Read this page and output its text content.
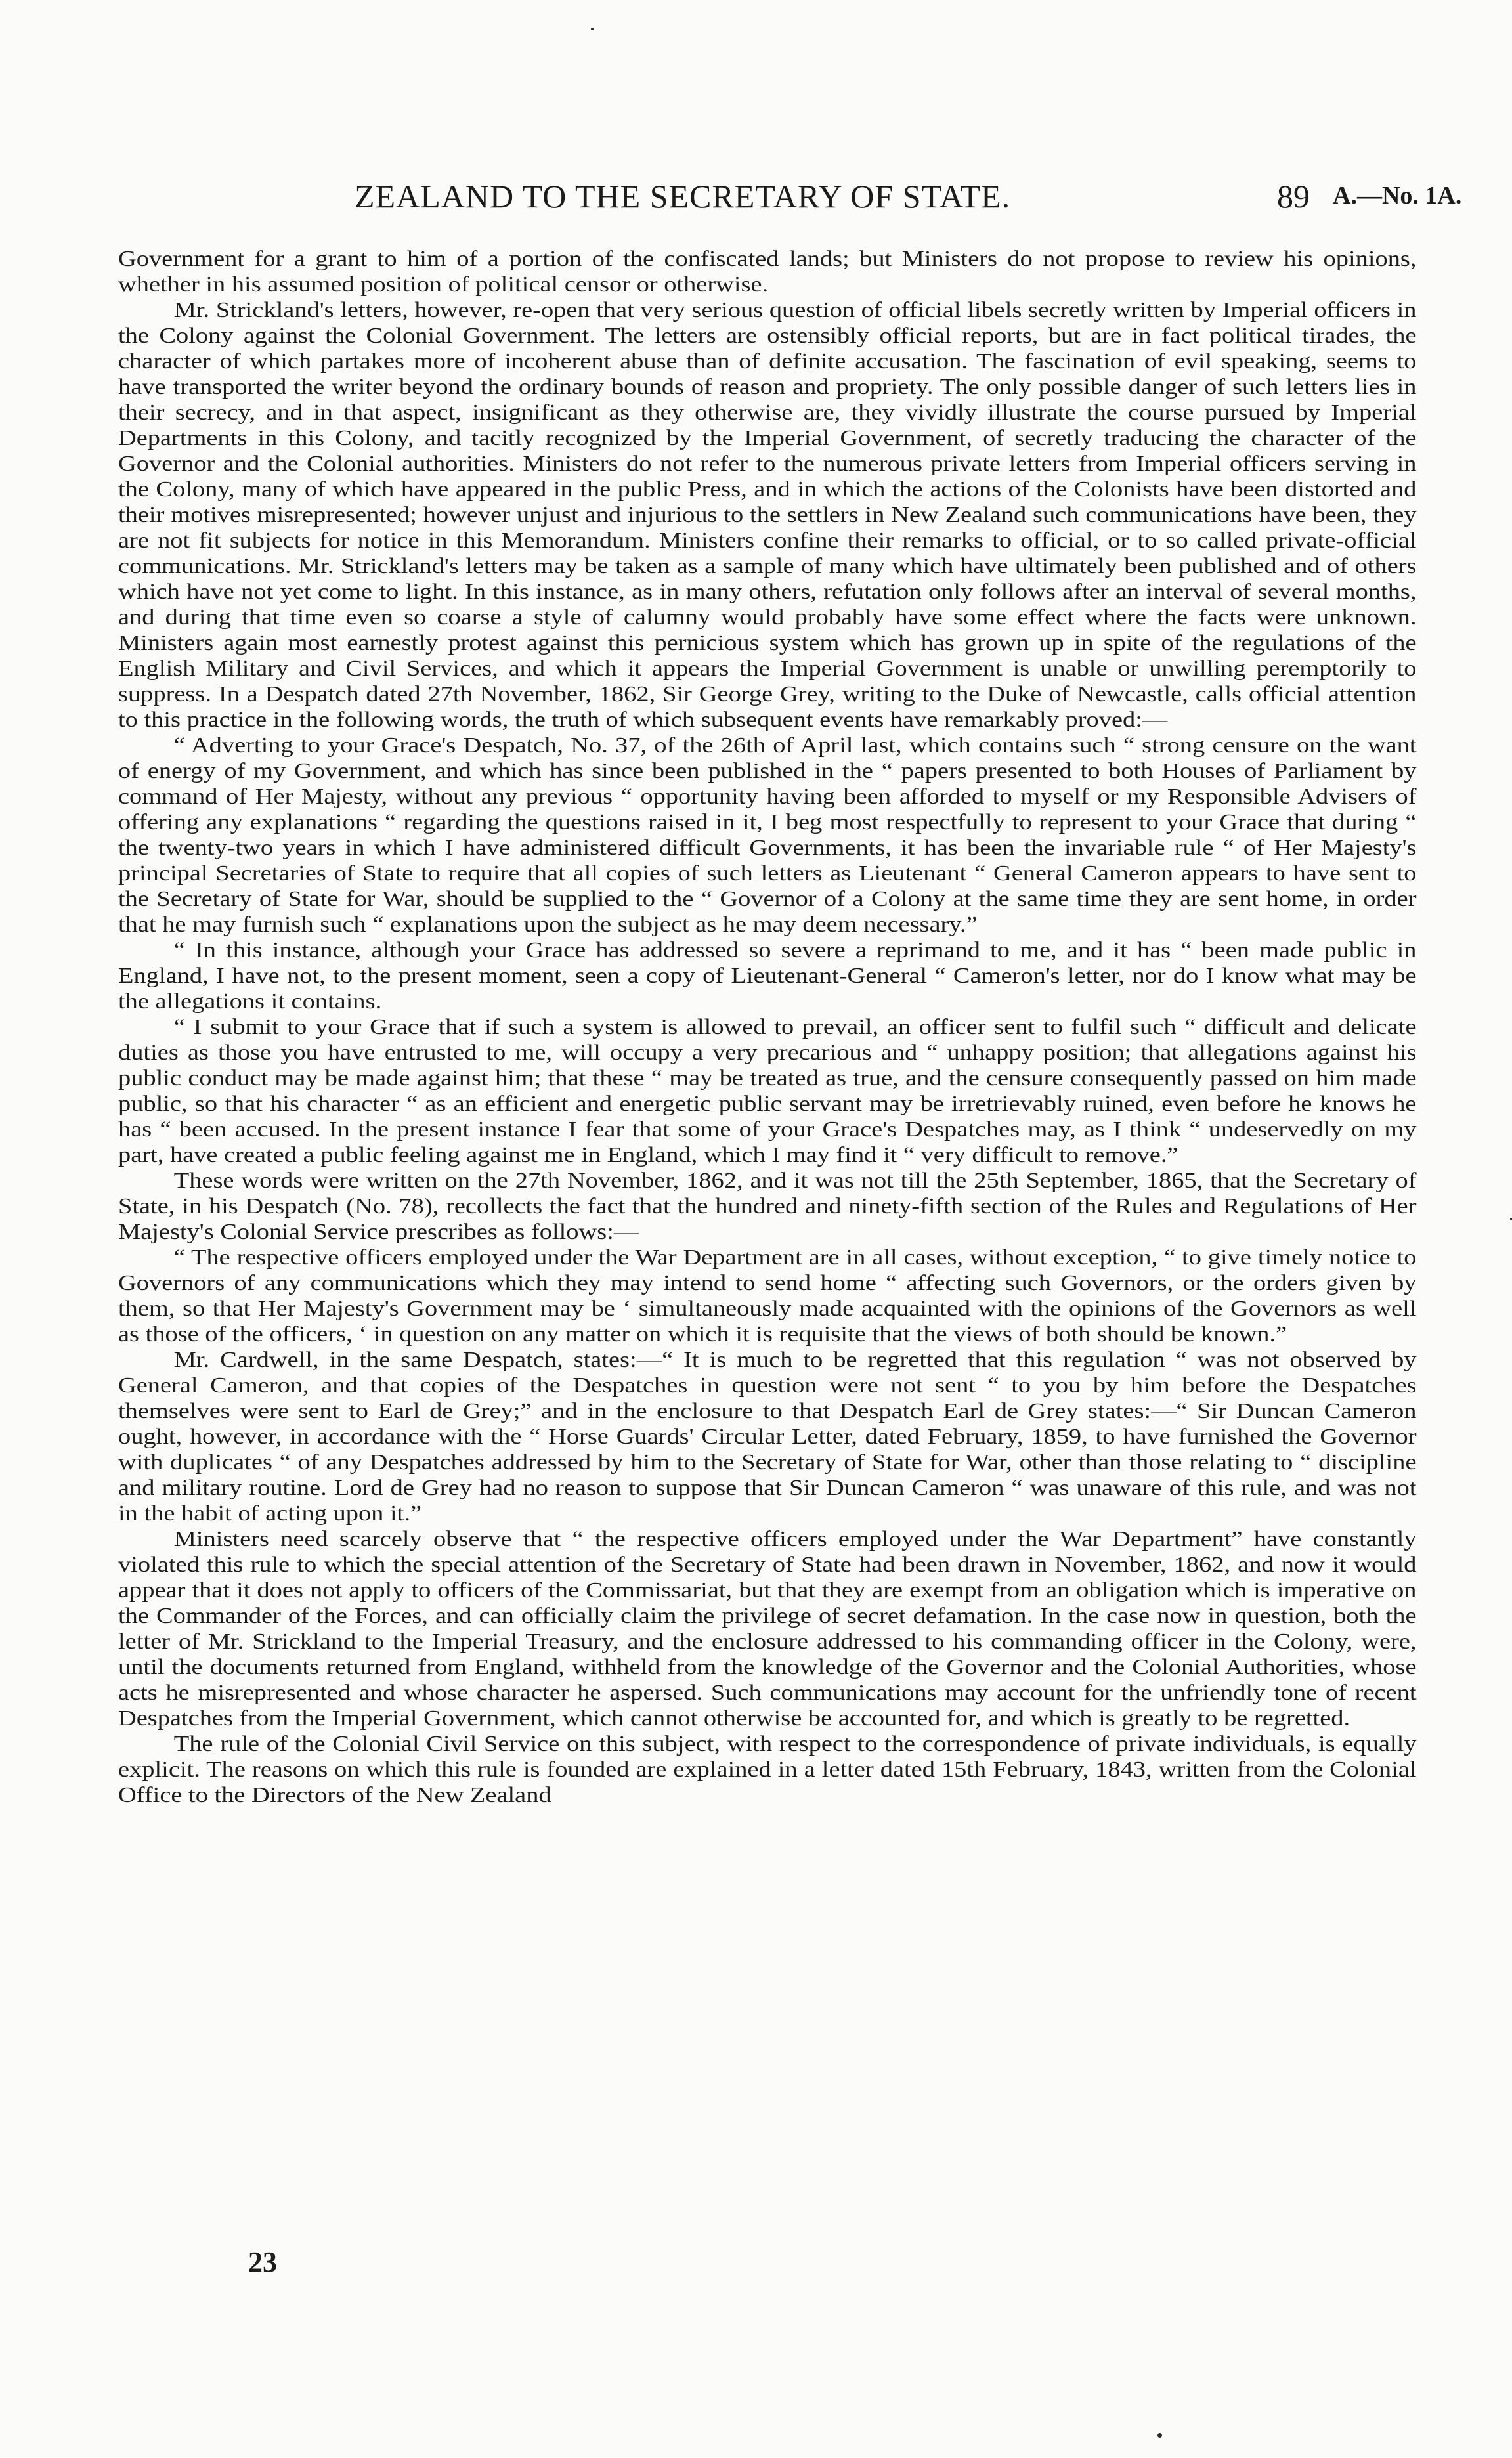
ZEALAND TO THE SECRETARY OF STATE.	89 A.—No. 1A.

Government for a grant to him of a portion of the confiscated lands; but Ministers do not propose to review his opinions, whether in his assumed position of political censor or otherwise.

Mr. Strickland's letters, however, re-open that very serious question of official libels secretly written by Imperial officers in the Colony against the Colonial Government. The letters are ostensibly official reports, but are in fact political tirades, the character of which partakes more of incoherent abuse than of definite accusation. The fascination of evil speaking, seems to have transported the writer beyond the ordinary bounds of reason and propriety. The only possible danger of such letters lies in their secrecy, and in that aspect, insignificant as they otherwise are, they vividly illustrate the course pursued by Imperial Departments in this Colony, and tacitly recognized by the Imperial Government, of secretly traducing the character of the Governor and the Colonial authorities. Ministers do not refer to the numerous private letters from Imperial officers serving in the Colony, many of which have appeared in the public Press, and in which the actions of the Colonists have been distorted and their motives misrepresented; however unjust and injurious to the settlers in New Zealand such communications have been, they are not fit subjects for notice in this Memorandum. Ministers confine their remarks to official, or to so called private-official communications. Mr. Strickland's letters may be taken as a sample of many which have ultimately been published and of others which have not yet come to light. In this instance, as in many others, refutation only follows after an interval of several months, and during that time even so coarse a style of calumny would probably have some effect where the facts were unknown. Ministers again most earnestly protest against this pernicious system which has grown up in spite of the regulations of the English Military and Civil Services, and which it appears the Imperial Government is unable or unwilling peremptorily to suppress. In a Despatch dated 27th November, 1862, Sir George Grey, writing to the Duke of Newcastle, calls official attention to this practice in the following words, the truth of which subsequent events have remarkably proved:—

“ Adverting to your Grace's Despatch, No. 37, of the 26th of April last, which contains such “ strong censure on the want of energy of my Government, and which has since been published in the “ papers presented to both Houses of Parliament by command of Her Majesty, without any previous “ opportunity having been afforded to myself or my Responsible Advisers of offering any explanations “ regarding the questions raised in it, I beg most respectfully to represent to your Grace that during “ the twenty-two years in which I have administered difficult Governments, it has been the invariable rule “ of Her Majesty's principal Secretaries of State to require that all copies of such letters as Lieutenant “ General Cameron appears to have sent to the Secretary of State for War, should be supplied to the “ Governor of a Colony at the same time they are sent home, in order that he may furnish such “ explanations upon the subject as he may deem necessary.”

“ In this instance, although your Grace has addressed so severe a reprimand to me, and it has “ been made public in England, I have not, to the present moment, seen a copy of Lieutenant-General “ Cameron's letter, nor do I know what may be the allegations it contains.

“ I submit to your Grace that if such a system is allowed to prevail, an officer sent to fulfil such “ difficult and delicate duties as those you have entrusted to me, will occupy a very precarious and “ unhappy position; that allegations against his public conduct may be made against him; that these “ may be treated as true, and the censure consequently passed on him made public, so that his character “ as an efficient and energetic public servant may be irretrievably ruined, even before he knows he has “ been accused. In the present instance I fear that some of your Grace's Despatches may, as I think “ undeservedly on my part, have created a public feeling against me in England, which I may find it “ very difficult to remove.”

These words were written on the 27th November, 1862, and it was not till the 25th September, 1865, that the Secretary of State, in his Despatch (No. 78), recollects the fact that the hundred and ninety-fifth section of the Rules and Regulations of Her Majesty's Colonial Service prescribes as follows:—

“ The respective officers employed under the War Department are in all cases, without exception, “ to give timely notice to Governors of any communications which they may intend to send home “ affecting such Governors, or the orders given by them, so that Her Majesty's Government may be ‘ simultaneously made acquainted with the opinions of the Governors as well as those of the officers, ‘ in question on any matter on which it is requisite that the views of both should be known.”

Mr. Cardwell, in the same Despatch, states:—“ It is much to be regretted that this regulation “ was not observed by General Cameron, and that copies of the Despatches in question were not sent “ to you by him before the Despatches themselves were sent to Earl de Grey;” and in the enclosure to that Despatch Earl de Grey states:—“ Sir Duncan Cameron ought, however, in accordance with the “ Horse Guards' Circular Letter, dated February, 1859, to have furnished the Governor with duplicates “ of any Despatches addressed by him to the Secretary of State for War, other than those relating to “ discipline and military routine. Lord de Grey had no reason to suppose that Sir Duncan Cameron “ was unaware of this rule, and was not in the habit of acting upon it.”

Ministers need scarcely observe that “ the respective officers employed under the War Department” have constantly violated this rule to which the special attention of the Secretary of State had been drawn in November, 1862, and now it would appear that it does not apply to officers of the Commissariat, but that they are exempt from an obligation which is imperative on the Commander of the Forces, and can officially claim the privilege of secret defamation. In the case now in question, both the letter of Mr. Strickland to the Imperial Treasury, and the enclosure addressed to his commanding officer in the Colony, were, until the documents returned from England, withheld from the knowledge of the Governor and the Colonial Authorities, whose acts he misrepresented and whose character he aspersed. Such communications may account for the unfriendly tone of recent Despatches from the Imperial Government, which cannot otherwise be accounted for, and which is greatly to be regretted.

The rule of the Colonial Civil Service on this subject, with respect to the correspondence of private individuals, is equally explicit. The reasons on which this rule is founded are explained in a letter dated 15th February, 1843, written from the Colonial Office to the Directors of the New Zealand

23
